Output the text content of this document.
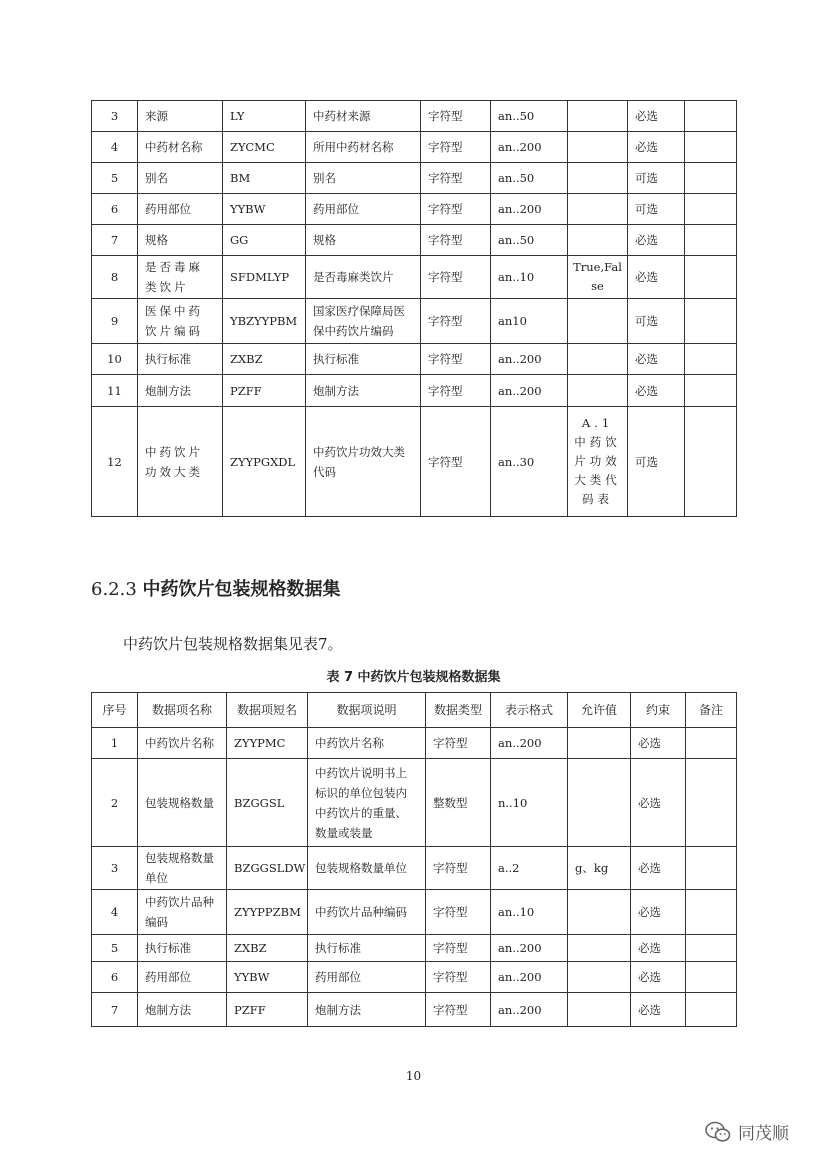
3	来源	LY	中药材来源	字符型	an..50		必选	
4	中药材名称	ZYCMC	所用中药材名称	字符型	an..200		必选	
5	别名	BM	别名	字符型	an..50		可选	
6	药用部位	YYBW	药用部位	字符型	an..200		可选	
7	规格	GG	规格	字符型	an..50		必选	
8	是否毒麻类饮片	SFDMLYP	是否毒麻类饮片	字符型	an..10	True,False	必选	
9	医保中药饮片编码	YBZYYPBM	国家医疗保障局医保中药饮片编码	字符型	an10		可选	
10	执行标准	ZXBZ	执行标准	字符型	an..200		必选	
11	炮制方法	PZFF	炮制方法	字符型	an..200		必选	
12	中药饮片功效大类	ZYYPGXDL	中药饮片功效大类代码	字符型	an..30	A.1 中药饮片功效大类代码表	可选	
6.2.3 中药饮片包装规格数据集

中药饮片包装规格数据集见表7。

表 7 中药饮片包装规格数据集

序号	数据项名称	数据项短名	数据项说明	数据类型	表示格式	允许值	约束	备注
1	中药饮片名称	ZYYPMC	中药饮片名称	字符型	an..200		必选	
2	包装规格数量	BZGGSL	中药饮片说明书上标识的单位包装内中药饮片的重量、数量或装量	整数型	n..10		必选	
3	包装规格数量单位	BZGGSLDW	包装规格数量单位	字符型	a..2	g、kg	必选	
4	中药饮片品种编码	ZYYPPZBM	中药饮片品种编码	字符型	an..10		必选	
5	执行标准	ZXBZ	执行标准	字符型	an..200		必选	
6	药用部位	YYBW	药用部位	字符型	an..200		必选	
7	炮制方法	PZFF	炮制方法	字符型	an..200		必选	
10
同茂顺
